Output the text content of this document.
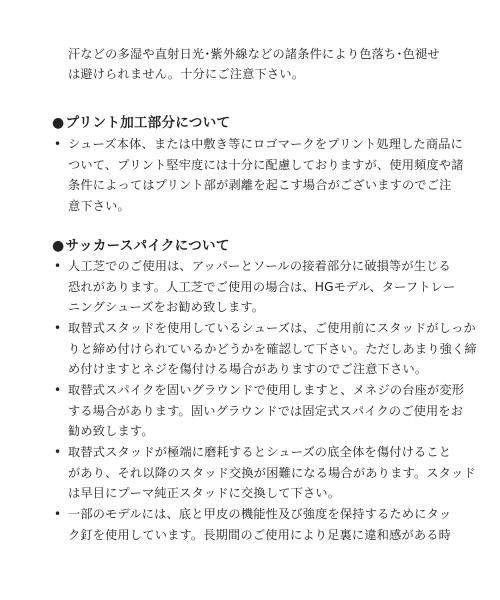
汗などの多湿や直射日光･紫外線などの諸条件により色落ち･色褪せ
は避けられません。十分にご注意下さい。
●プリント加工部分について
• シューズ本体、または中敷き等にロゴマークをプリント処理した商品に
ついて、プリント堅牢度には十分に配慮しておりますが、使用頻度や諸
条件によってはプリント部が剥離を起こす場合がございますのでご注
意下さい。
●サッカースパイクについて
• 人工芝でのご使用は、アッパーとソールの接着部分に破損等が生じる
恐れがあります。人工芝でご使用の場合は、HGモデル、ターフトレー
ニングシューズをお勧め致します。
• 取替式スタッドを使用しているシューズは、ご使用前にスタッドがしっか
りと締め付けられているかどうかを確認して下さい。ただしあまり強く締
め付けますとネジを傷付ける場合がありますのでご注意下さい。
• 取替式スパイクを固いグラウンドで使用しますと、メネジの台座が変形
する場合があります。固いグラウンドでは固定式スパイクのご使用をお
勧め致します。
• 取替式スタッドが極端に磨耗するとシューズの底全体を傷付けること
があり、それ以降のスタッド交換が困難になる場合があります。スタッド
は早目にプーマ純正スタッドに交換して下さい。
• 一部のモデルには、底と甲皮の機能性及び強度を保持するためにタッ
ク釘を使用しています。長期間のご使用により足裏に違和感がある時
